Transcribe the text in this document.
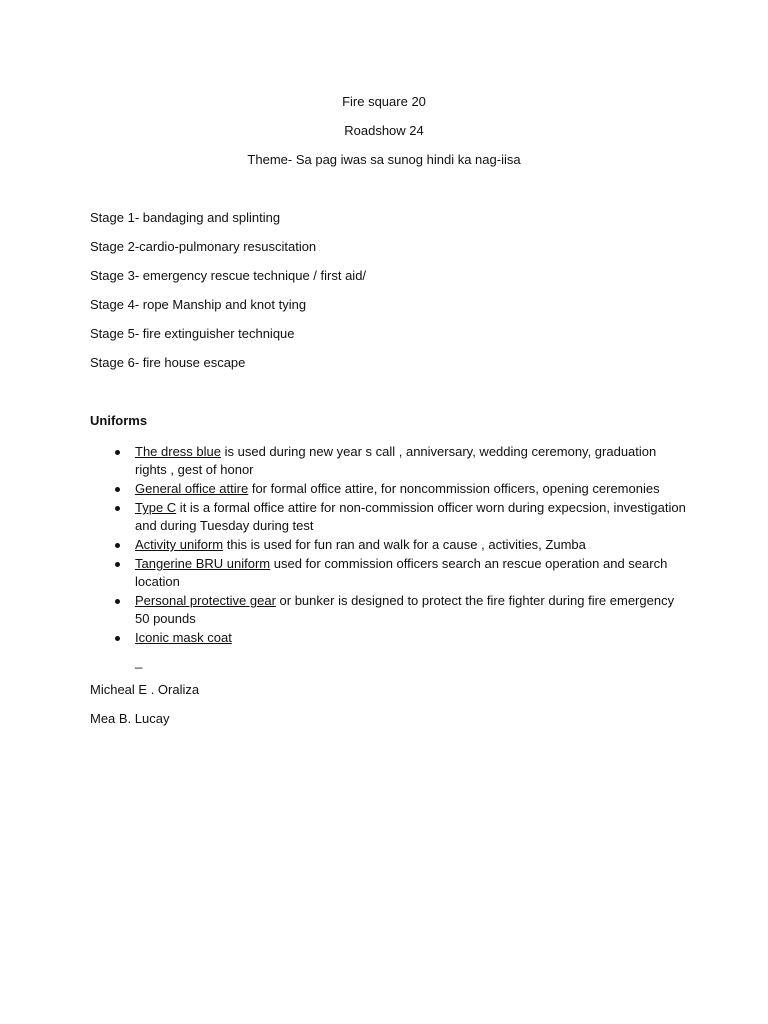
Fire square 20
Roadshow 24
Theme- Sa pag iwas sa sunog hindi ka nag-iisa
Stage 1- bandaging and splinting
Stage 2-cardio-pulmonary resuscitation
Stage 3- emergency rescue technique / first aid/
Stage 4- rope Manship and knot tying
Stage 5- fire extinguisher technique
Stage 6- fire house escape
Uniforms
The dress blue is used during new year s call , anniversary, wedding ceremony, graduation rights , gest of honor
General office attire for formal office attire, for noncommission officers, opening ceremonies
Type C it is a formal office attire for non-commission officer worn during expecsion, investigation and during Tuesday during test
Activity uniform this is used for fun ran and walk for a cause , activities, Zumba
Tangerine BRU uniform used for commission officers search an rescue operation and search location
Personal protective gear or bunker is designed to protect the fire fighter during fire emergency 50 pounds
Iconic mask coat
_
Micheal E . Oraliza
Mea B. Lucay
